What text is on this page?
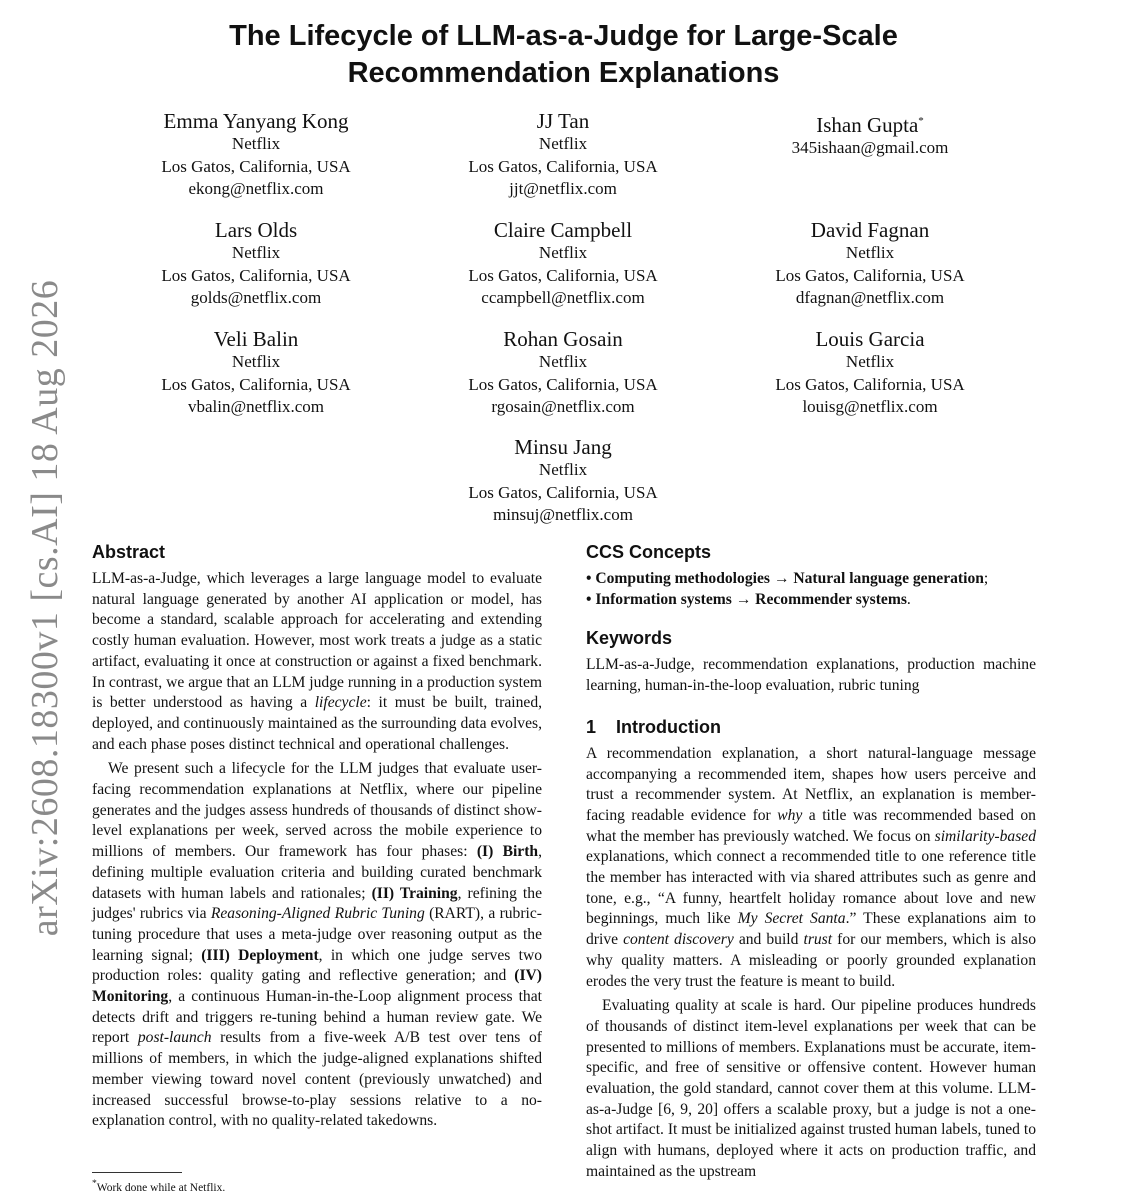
arXiv:2608.18300v1 [cs.AI] 18 Aug 2026
The Lifecycle of LLM-as-a-Judge for Large-Scale Recommendation Explanations
Emma Yanyang Kong
Netflix
Los Gatos, California, USA
ekong@netflix.com
JJ Tan
Netflix
Los Gatos, California, USA
jjt@netflix.com
Ishan Gupta*
345ishaan@gmail.com
Lars Olds
Netflix
Los Gatos, California, USA
golds@netflix.com
Claire Campbell
Netflix
Los Gatos, California, USA
ccampbell@netflix.com
David Fagnan
Netflix
Los Gatos, California, USA
dfagnan@netflix.com
Veli Balin
Netflix
Los Gatos, California, USA
vbalin@netflix.com
Rohan Gosain
Netflix
Los Gatos, California, USA
rgosain@netflix.com
Louis Garcia
Netflix
Los Gatos, California, USA
louisg@netflix.com
Minsu Jang
Netflix
Los Gatos, California, USA
minsuj@netflix.com
Abstract

LLM-as-a-Judge, which leverages a large language model to evaluate natural language generated by another AI application or model, has become a standard, scalable approach for accelerating and extending costly human evaluation. However, most work treats a judge as a static artifact, evaluating it once at construction or against a fixed benchmark. In contrast, we argue that an LLM judge running in a production system is better understood as having a lifecycle: it must be built, trained, deployed, and continuously maintained as the surrounding data evolves, and each phase poses distinct technical and operational challenges.

We present such a lifecycle for the LLM judges that evaluate user-facing recommendation explanations at Netflix, where our pipeline generates and the judges assess hundreds of thousands of distinct show-level explanations per week, served across the mobile experience to millions of members. Our framework has four phases: (I) Birth, defining multiple evaluation criteria and building curated benchmark datasets with human labels and rationales; (II) Training, refining the judges' rubrics via Reasoning-Aligned Rubric Tuning (RART), a rubric-tuning procedure that uses a meta-judge over reasoning output as the learning signal; (III) Deployment, in which one judge serves two production roles: quality gating and reflective generation; and (IV) Monitoring, a continuous Human-in-the-Loop alignment process that detects drift and triggers re-tuning behind a human review gate. We report post-launch results from a five-week A/B test over tens of millions of members, in which the judge-aligned explanations shifted member viewing toward novel content (previously unwatched) and increased successful browse-to-play sessions relative to a no-explanation control, with no quality-related takedowns.

CCS Concepts

• Computing methodologies → Natural language generation;

• Information systems → Recommender systems.

Keywords

LLM-as-a-Judge, recommendation explanations, production machine learning, human-in-the-loop evaluation, rubric tuning

1    Introduction

A recommendation explanation, a short natural-language message accompanying a recommended item, shapes how users perceive and trust a recommender system. At Netflix, an explanation is member-facing readable evidence for why a title was recommended based on what the member has previously watched. We focus on similarity-based explanations, which connect a recommended title to one reference title the member has interacted with via shared attributes such as genre and tone, e.g., “A funny, heartfelt holiday romance about love and new beginnings, much like My Secret Santa.” These explanations aim to drive content discovery and build trust for our members, which is also why quality matters. A misleading or poorly grounded explanation erodes the very trust the feature is meant to build.

Evaluating quality at scale is hard. Our pipeline produces hundreds of thousands of distinct item-level explanations per week that can be presented to millions of members. Explanations must be accurate, item-specific, and free of sensitive or offensive content. However human evaluation, the gold standard, cannot cover them at this volume. LLM-as-a-Judge [6, 9, 20] offers a scalable proxy, but a judge is not a one-shot artifact. It must be initialized against trusted human labels, tuned to align with humans, deployed where it acts on production traffic, and maintained as the upstream

*Work done while at Netflix.
